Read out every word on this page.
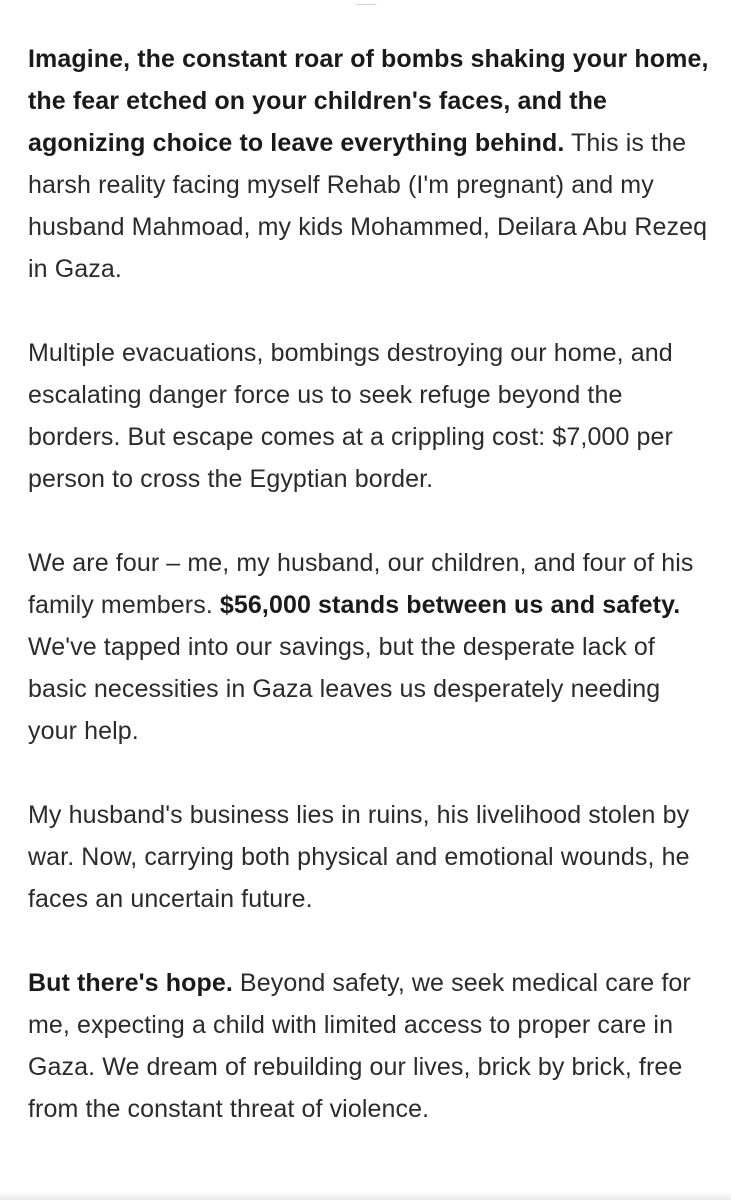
Imagine, the constant roar of bombs shaking your home, the fear etched on your children's faces, and the agonizing choice to leave everything behind. This is the harsh reality facing myself Rehab (I'm pregnant) and my husband Mahmoad, my kids Mohammed, Deilara Abu Rezeq in Gaza.

Multiple evacuations, bombings destroying our home, and escalating danger force us to seek refuge beyond the borders. But escape comes at a crippling cost: $7,000 per person to cross the Egyptian border.

We are four – me, my husband, our children, and four of his family members. $56,000 stands between us and safety. We've tapped into our savings, but the desperate lack of basic necessities in Gaza leaves us desperately needing your help.

My husband's business lies in ruins, his livelihood stolen by war. Now, carrying both physical and emotional wounds, he faces an uncertain future.

But there's hope. Beyond safety, we seek medical care for me, expecting a child with limited access to proper care in Gaza. We dream of rebuilding our lives, brick by brick, free from the constant threat of violence.
